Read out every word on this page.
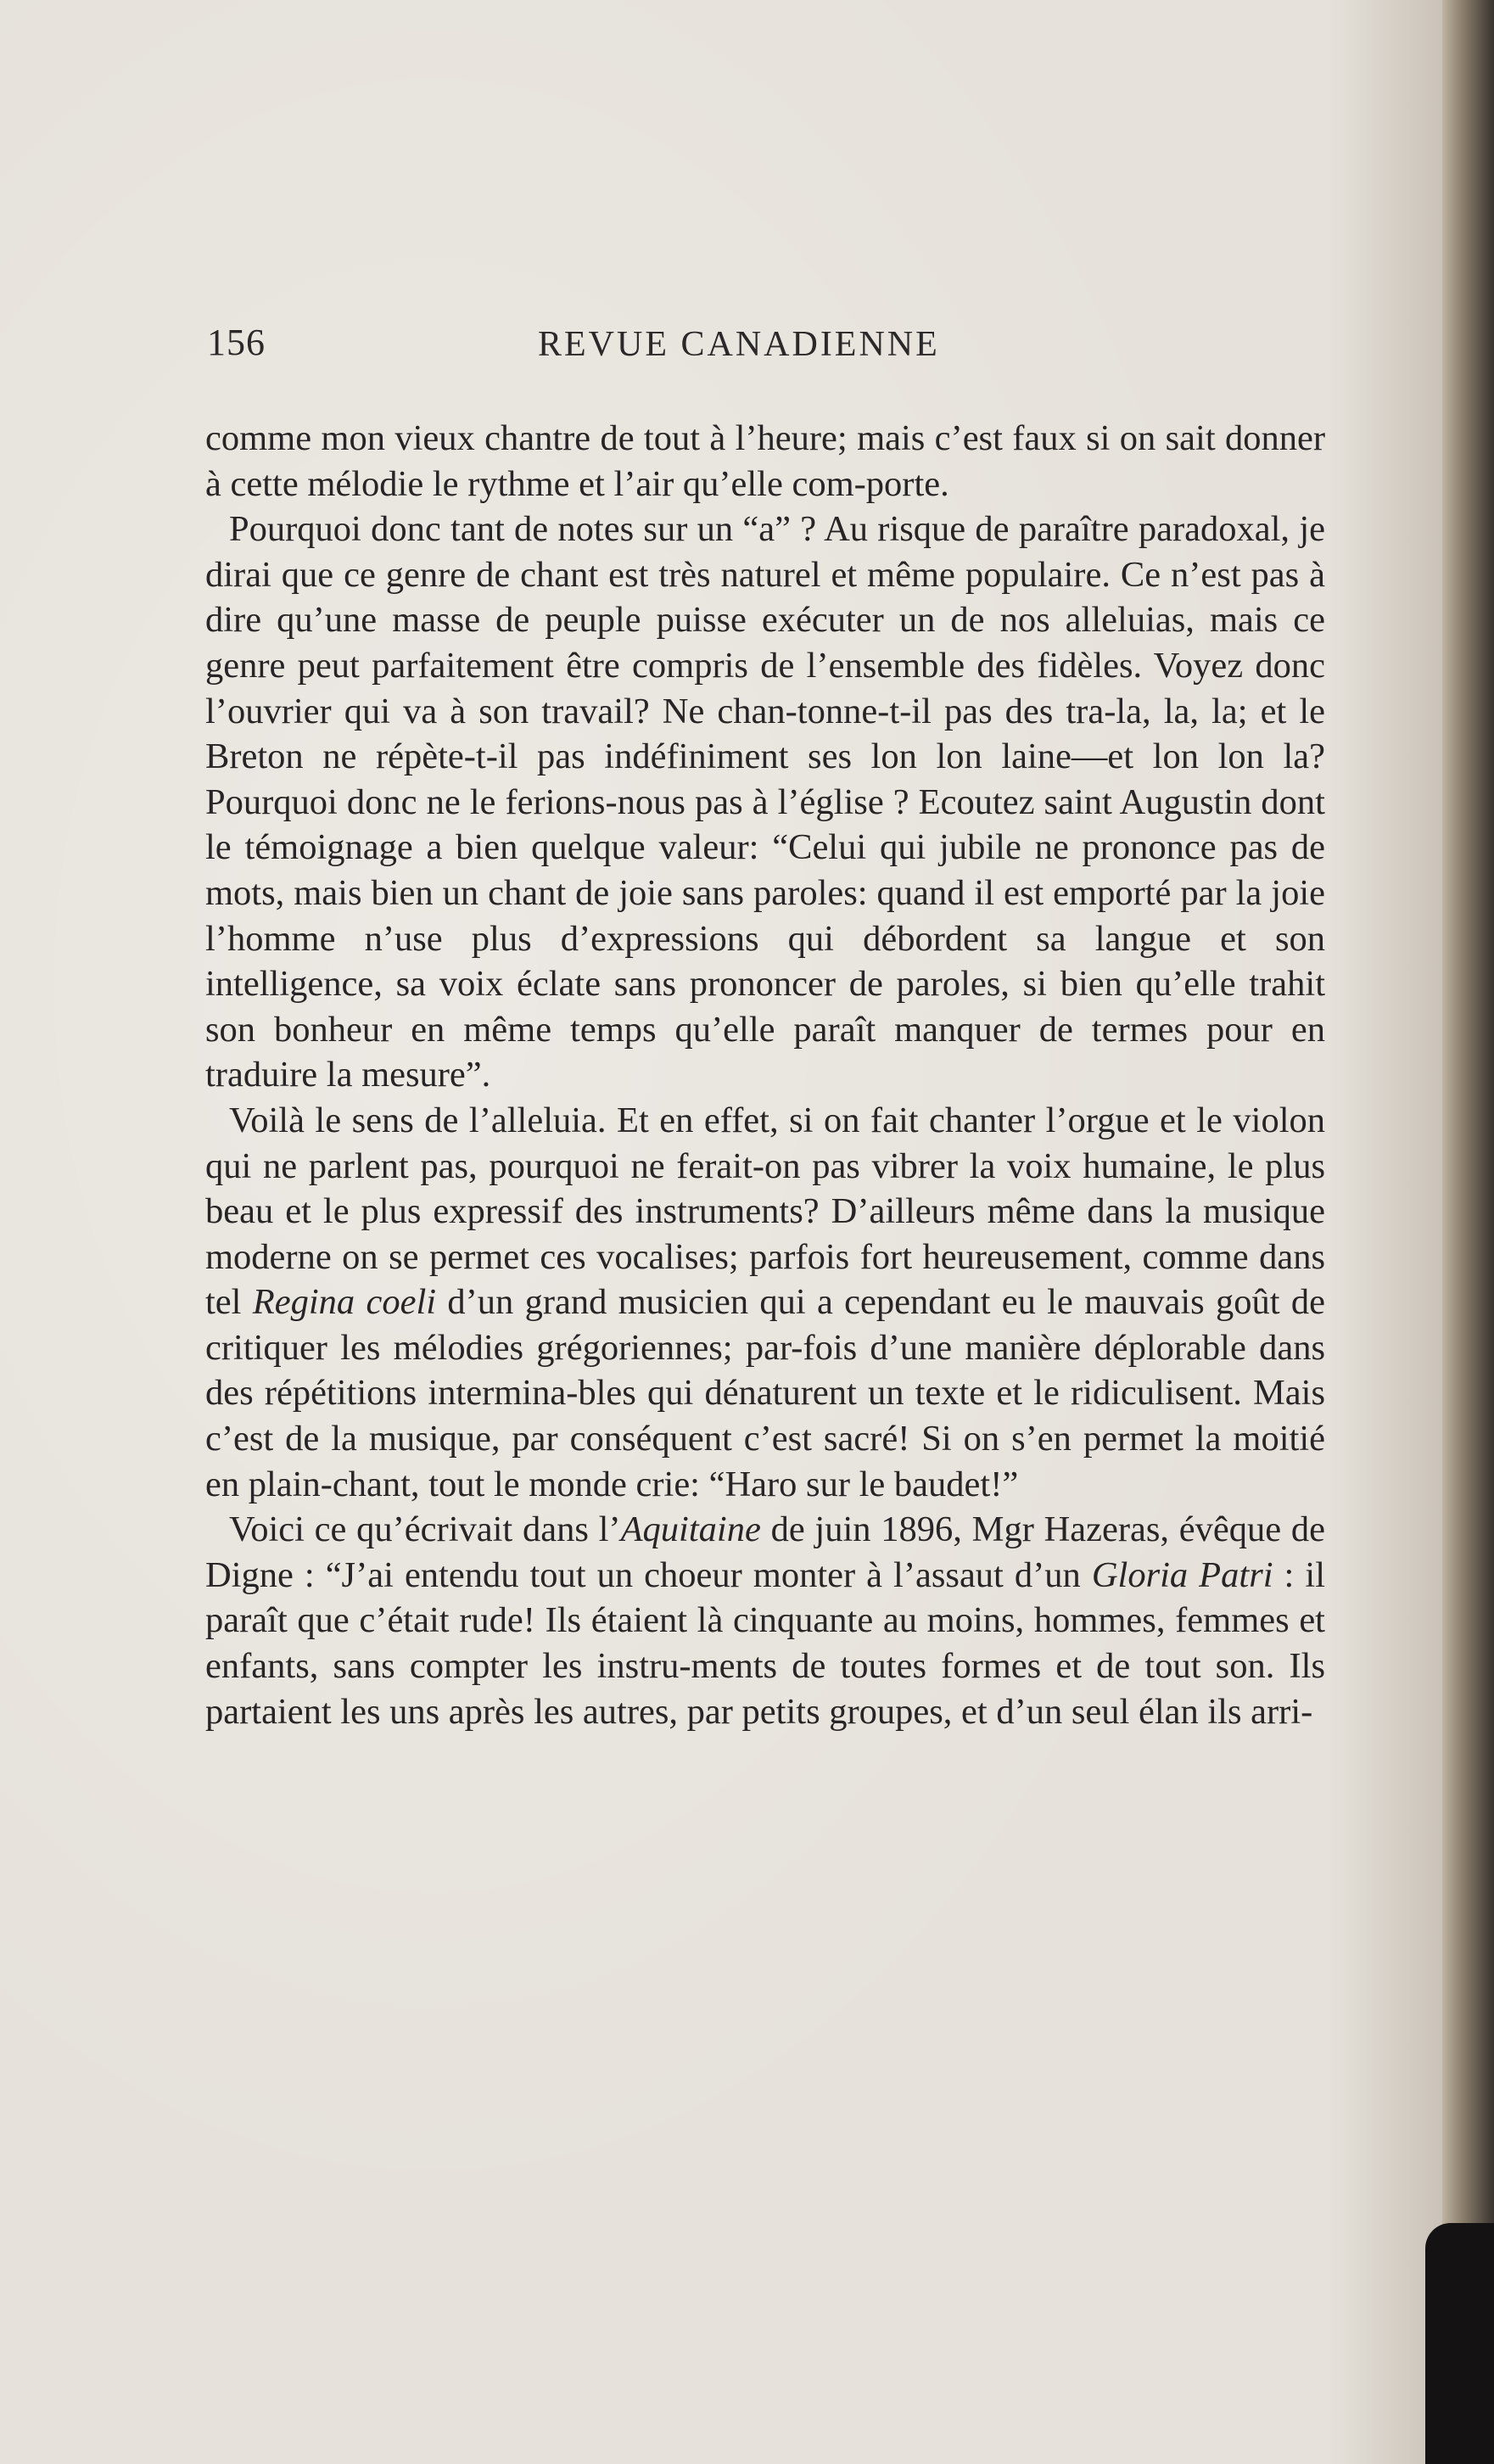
156	REVUE CANADIENNE

comme mon vieux chantre de tout à l’heure; mais c’est faux si on sait donner à cette mélodie le rythme et l’air qu’elle com-porte.

Pourquoi donc tant de notes sur un “a” ? Au risque de paraître paradoxal, je dirai que ce genre de chant est très naturel et même populaire. Ce n’est pas à dire qu’une masse de peuple puisse exécuter un de nos alleluias, mais ce genre peut parfaitement être compris de l’ensemble des fidèles. Voyez donc l’ouvrier qui va à son travail? Ne chan-tonne-t-il pas des tra-la, la, la; et le Breton ne répète-t-il pas indéfiniment ses lon lon laine—et lon lon la? Pourquoi donc ne le ferions-nous pas à l’église ? Ecoutez saint Augustin dont le témoignage a bien quelque valeur: “Celui qui jubile ne prononce pas de mots, mais bien un chant de joie sans paroles: quand il est emporté par la joie l’homme n’use plus d’expressions qui débordent sa langue et son intelligence, sa voix éclate sans prononcer de paroles, si bien qu’elle trahit son bonheur en même temps qu’elle paraît manquer de termes pour en traduire la mesure”.

Voilà le sens de l’alleluia. Et en effet, si on fait chanter l’orgue et le violon qui ne parlent pas, pourquoi ne ferait-on pas vibrer la voix humaine, le plus beau et le plus expressif des instruments? D’ailleurs même dans la musique moderne on se permet ces vocalises; parfois fort heureusement, comme dans tel Regina coeli d’un grand musicien qui a cependant eu le mauvais goût de critiquer les mélodies grégoriennes; par-fois d’une manière déplorable dans des répétitions intermina-bles qui dénaturent un texte et le ridiculisent. Mais c’est de la musique, par conséquent c’est sacré! Si on s’en permet la moitié en plain-chant, tout le monde crie: “Haro sur le baudet!”

Voici ce qu’écrivait dans l’Aquitaine de juin 1896, Mgr Hazeras, évêque de Digne : “J’ai entendu tout un choeur monter à l’assaut d’un Gloria Patri : il paraît que c’était rude! Ils étaient là cinquante au moins, hommes, femmes et enfants, sans compter les instru-ments de toutes formes et de tout son. Ils partaient les uns après les autres, par petits groupes, et d’un seul élan ils arri-
